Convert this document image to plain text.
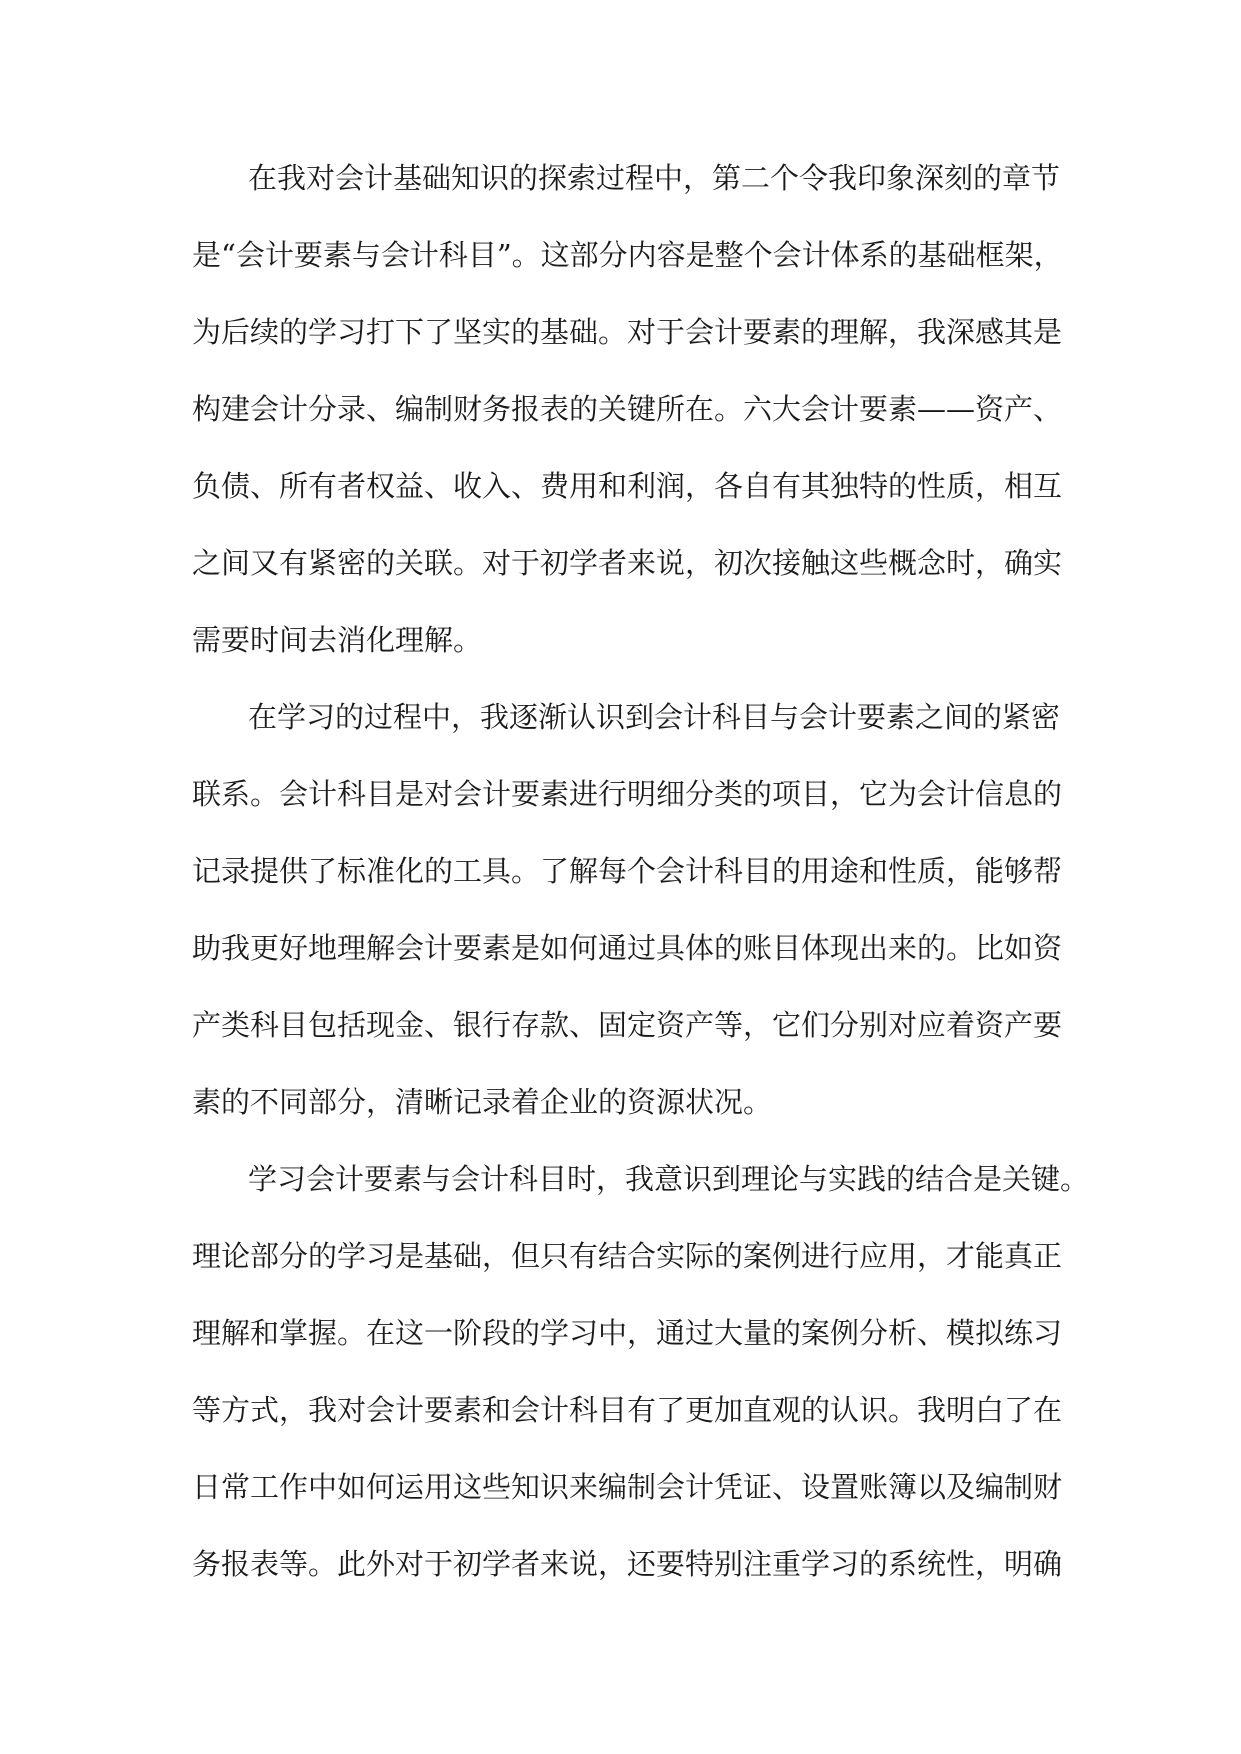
在我对会计基础知识的探索过程中，第二个令我印象深刻的章节
是“会计要素与会计科目”。这部分内容是整个会计体系的基础框架，
为后续的学习打下了坚实的基础。对于会计要素的理解，我深感其是
构建会计分录、编制财务报表的关键所在。六大会计要素——资产、
负债、所有者权益、收入、费用和利润，各自有其独特的性质，相互
之间又有紧密的关联。对于初学者来说，初次接触这些概念时，确实
需要时间去消化理解。
在学习的过程中，我逐渐认识到会计科目与会计要素之间的紧密
联系。会计科目是对会计要素进行明细分类的项目，它为会计信息的
记录提供了标准化的工具。了解每个会计科目的用途和性质，能够帮
助我更好地理解会计要素是如何通过具体的账目体现出来的。比如资
产类科目包括现金、银行存款、固定资产等，它们分别对应着资产要
素的不同部分，清晰记录着企业的资源状况。
学习会计要素与会计科目时，我意识到理论与实践的结合是关键。
理论部分的学习是基础，但只有结合实际的案例进行应用，才能真正
理解和掌握。在这一阶段的学习中，通过大量的案例分析、模拟练习
等方式，我对会计要素和会计科目有了更加直观的认识。我明白了在
日常工作中如何运用这些知识来编制会计凭证、设置账簿以及编制财
务报表等。此外对于初学者来说，还要特别注重学习的系统性，明确
